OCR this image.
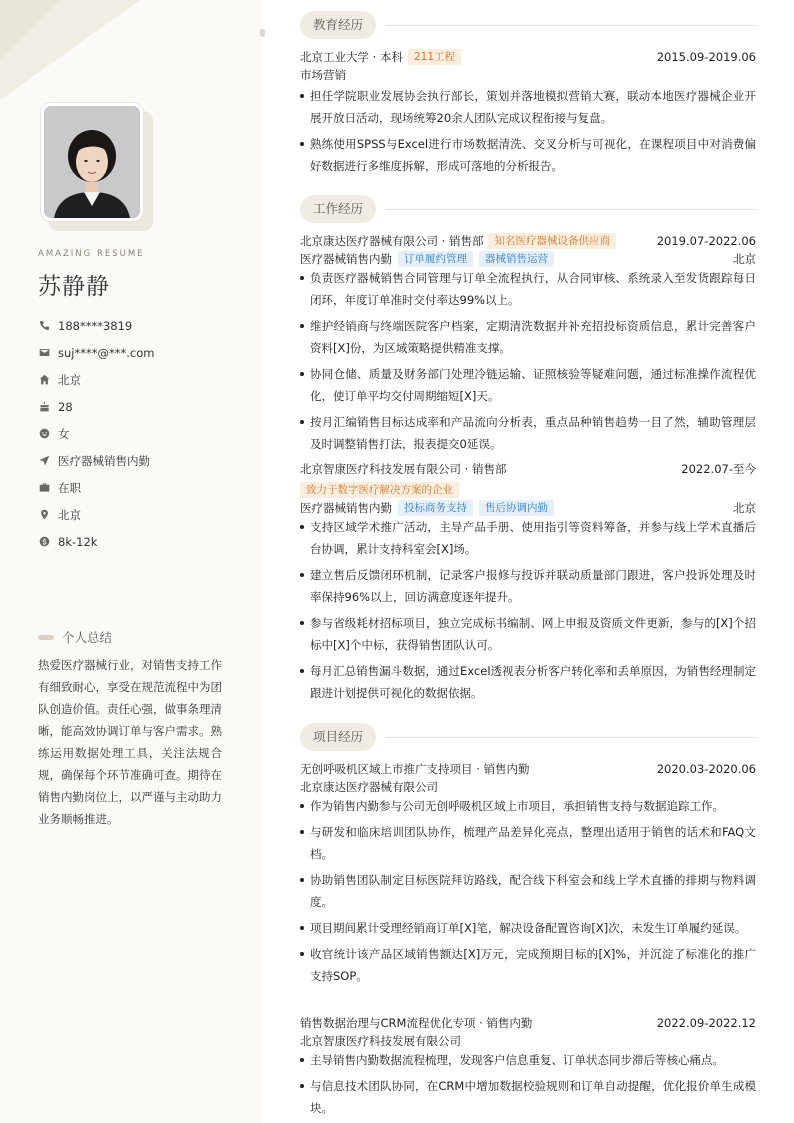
AMAZING RESUME
苏静静
188****3819
suj****@***.com
北京
28
女
医疗器械销售内勤
在职
北京
8k-12k
个人总结
热爱医疗器械行业，对销售支持工作有细致耐心，享受在规范流程中为团队创造价值。责任心强，做事条理清晰，能高效协调订单与客户需求。熟练运用数据处理工具，关注法规合规，确保每个环节准确可查。期待在销售内勤岗位上，以严谨与主动助力业务顺畅推进。
教育经历
北京工业大学 · 本科	211工程	2015.09-2019.06
市场营销
担任学院职业发展协会执行部长，策划并落地模拟营销大赛，联动本地医疗器械企业开展开放日活动，现场统筹20余人团队完成议程衔接与复盘。
熟练使用SPSS与Excel进行市场数据清洗、交叉分析与可视化，在课程项目中对消费偏好数据进行多维度拆解，形成可落地的分析报告。
工作经历
北京康达医疗器械有限公司 · 销售部	知名医疗器械设备供应商	2019.07-2022.06
医疗器械销售内勤	订单履约管理	器械销售运营	北京
负责医疗器械销售合同管理与订单全流程执行，从合同审核、系统录入至发货跟踪每日闭环，年度订单准时交付率达99%以上。
维护经销商与终端医院客户档案，定期清洗数据并补充招投标资质信息，累计完善客户资料[X]份，为区域策略提供精准支撑。
协同仓储、质量及财务部门处理冷链运输、证照核验等疑难问题，通过标准操作流程优化，使订单平均交付周期缩短[X]天。
按月汇编销售目标达成率和产品流向分析表，重点品种销售趋势一目了然，辅助管理层及时调整销售打法，报表提交0延误。
北京智康医疗科技发展有限公司 · 销售部	2022.07-至今
致力于数字医疗解决方案的企业
医疗器械销售内勤	投标商务支持	售后协调内勤	北京
支持区域学术推广活动，主导产品手册、使用指引等资料筹备，并参与线上学术直播后台协调，累计支持科室会[X]场。
建立售后反馈闭环机制，记录客户报修与投诉并联动质量部门跟进，客户投诉处理及时率保持96%以上，回访满意度逐年提升。
参与省级耗材招标项目，独立完成标书编制、网上申报及资质文件更新，参与的[X]个招标中[X]个中标，获得销售团队认可。
每月汇总销售漏斗数据，通过Excel透视表分析客户转化率和丢单原因，为销售经理制定跟进计划提供可视化的数据依据。
项目经历
无创呼吸机区域上市推广支持项目 · 销售内勤	2020.03-2020.06
北京康达医疗器械有限公司
作为销售内勤参与公司无创呼吸机区域上市项目，承担销售支持与数据追踪工作。
与研发和临床培训团队协作，梳理产品差异化亮点，整理出适用于销售的话术和FAQ文档。
协助销售团队制定目标医院拜访路线，配合线下科室会和线上学术直播的排期与物料调度。
项目期间累计受理经销商订单[X]笔，解决设备配置咨询[X]次，未发生订单履约延误。
收官统计该产品区域销售额达[X]万元，完成预期目标的[X]%，并沉淀了标准化的推广支持SOP。
销售数据治理与CRM流程优化专项 · 销售内勤	2022.09-2022.12
北京智康医疗科技发展有限公司
主导销售内勤数据流程梳理，发现客户信息重复、订单状态同步滞后等核心痛点。
与信息技术团队协同，在CRM中增加数据校验规则和订单自动提醒，优化报价单生成模块。
